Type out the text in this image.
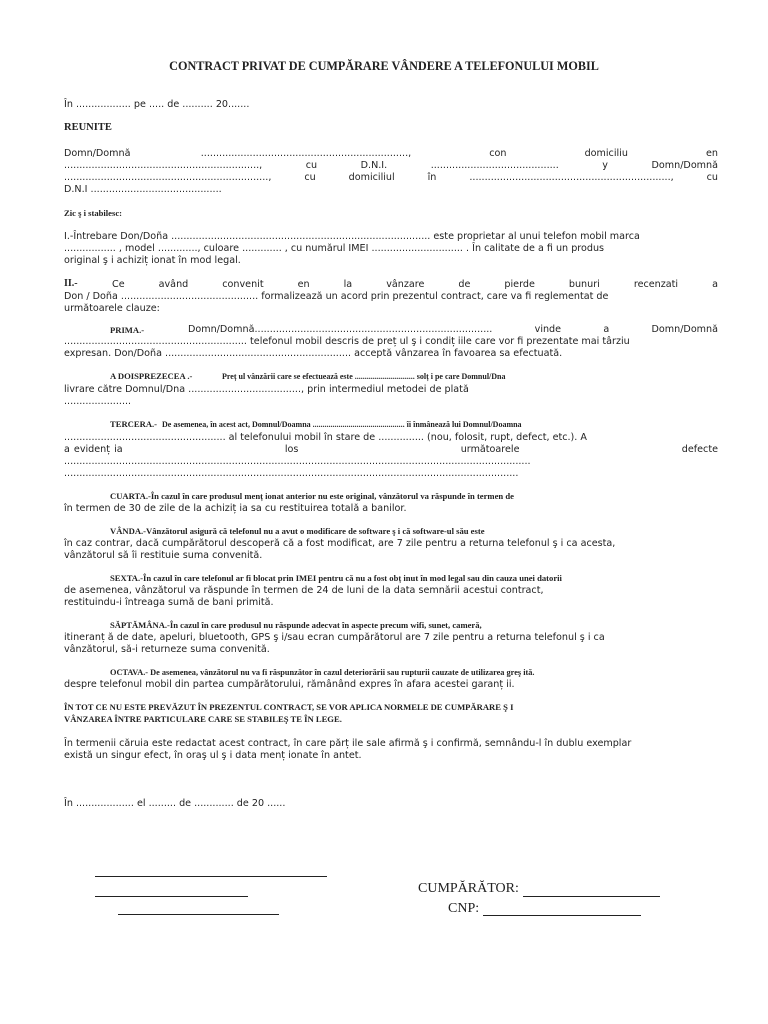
CONTRACT PRIVAT DE CUMPĂRARE VÂNDERE A TELEFONULUI MOBIL
În .................. pe ..... de .......... 20.......
REUNITE
Domn/Domnă         ....................................................................,          con          domiciliu          en
................................................................,          cu          D.N.I.          ..........................................          y          Domn/Domnă
...................................................................,  cu  domiciliul  în  ..................................................................,  cu
D.N.I ...........................................
Zic ş i stabilesc:
I.-Întrebare Don/Doña ..................................................................................... este proprietar al unui telefon mobil marca
................. , model ............., culoare ............. , cu numărul IMEI .............................. . În calitate de a fi un produs
original ş i achiziț ionat în mod legal.
II.-	Ce          având          convenit          en          la          vânzare          de          pierde          bunuri          recenzati          a
Don / Doña ............................................. formalizează un acord prin prezentul contract, care va fi reglementat de
următoarele clauze:
PRIMA.-	Domn/Domnă..............................................................................    vinde    a    Domn/Domnă
............................................................ telefonul mobil descris de preț ul ş i condiț iile care vor fi prezentate mai târziu
expresan. Don/Doña ............................................................. acceptă vânzarea în favoarea sa efectuată.
A DOISPREZECEA .-	Preț ul vânzării care se efectuează este .............................. solț i pe care Domnul/Dna
livrare către Domnul/Dna ....................................., prin intermediul metodei de plată
......................
TERCERA.- De asemenea, în acest act, Domnul/Doamna .............................................. îi înmânează lui Domnul/Doamna
..................................................... al telefonului mobil în stare de ............... (nou, folosit, rupt, defect, etc.). A
a evidenț ia                                        los                                        următoarele                                        defecte
.........................................................................................................................................................
.....................................................................................................................................................
CUARTA.-În cazul în care produsul menț ionat anterior nu este original, vânzătorul va răspunde în termen de
în termen de 30 de zile de la achiziț ia sa cu restituirea totală a banilor.
VÂNDA.-Vânzătorul asigură că telefonul nu a avut o modificare de software ş i că software-ul său este
în caz contrar, dacă cumpărătorul descoperă că a fost modificat, are 7 zile pentru a returna telefonul ş i ca acesta,
vânzătorul să îi restituie suma convenită.
SEXTA.-În cazul în care telefonul ar fi blocat prin IMEI pentru că nu a fost obț inut în mod legal sau din cauza unei datorii
de asemenea, vânzătorul va răspunde în termen de 24 de luni de la data semnării acestui contract,
restituindu-i întreaga sumă de bani primită.
SĂPTĂMÂNA.-În cazul în care produsul nu răspunde adecvat în aspecte precum wifi, sunet, cameră,
itineranț ă de date, apeluri, bluetooth, GPS ş i/sau ecran cumpărătorul are 7 zile pentru a returna telefonul ş i ca
vânzătorul, să-i returneze suma convenită.
OCTAVA.- De asemenea, vânzătorul nu va fi răspunzător în cazul deteriorării sau rupturii cauzate de utilizarea greş ită.
despre telefonul mobil din partea cumpărătorului, rămânând expres în afara acestei garanț ii.
ÎN TOT CE NU ESTE PREVĂZUT ÎN PREZENTUL CONTRACT, SE VOR APLICA NORMELE DE CUMPĂRARE Ş I
VÂNZAREA ÎNTRE PARTICULARE CARE SE STABILEŞ TE ÎN LEGE.
În termenii căruia este redactat acest contract, în care părț ile sale afirmă ş i confirmă, semnându-l în dublu exemplar
există un singur efect, în oraş ul ş i data menț ionate în antet.
În ................... el ......... de ............. de 20 ......
CUMPĂRĂTOR:
CNP:
